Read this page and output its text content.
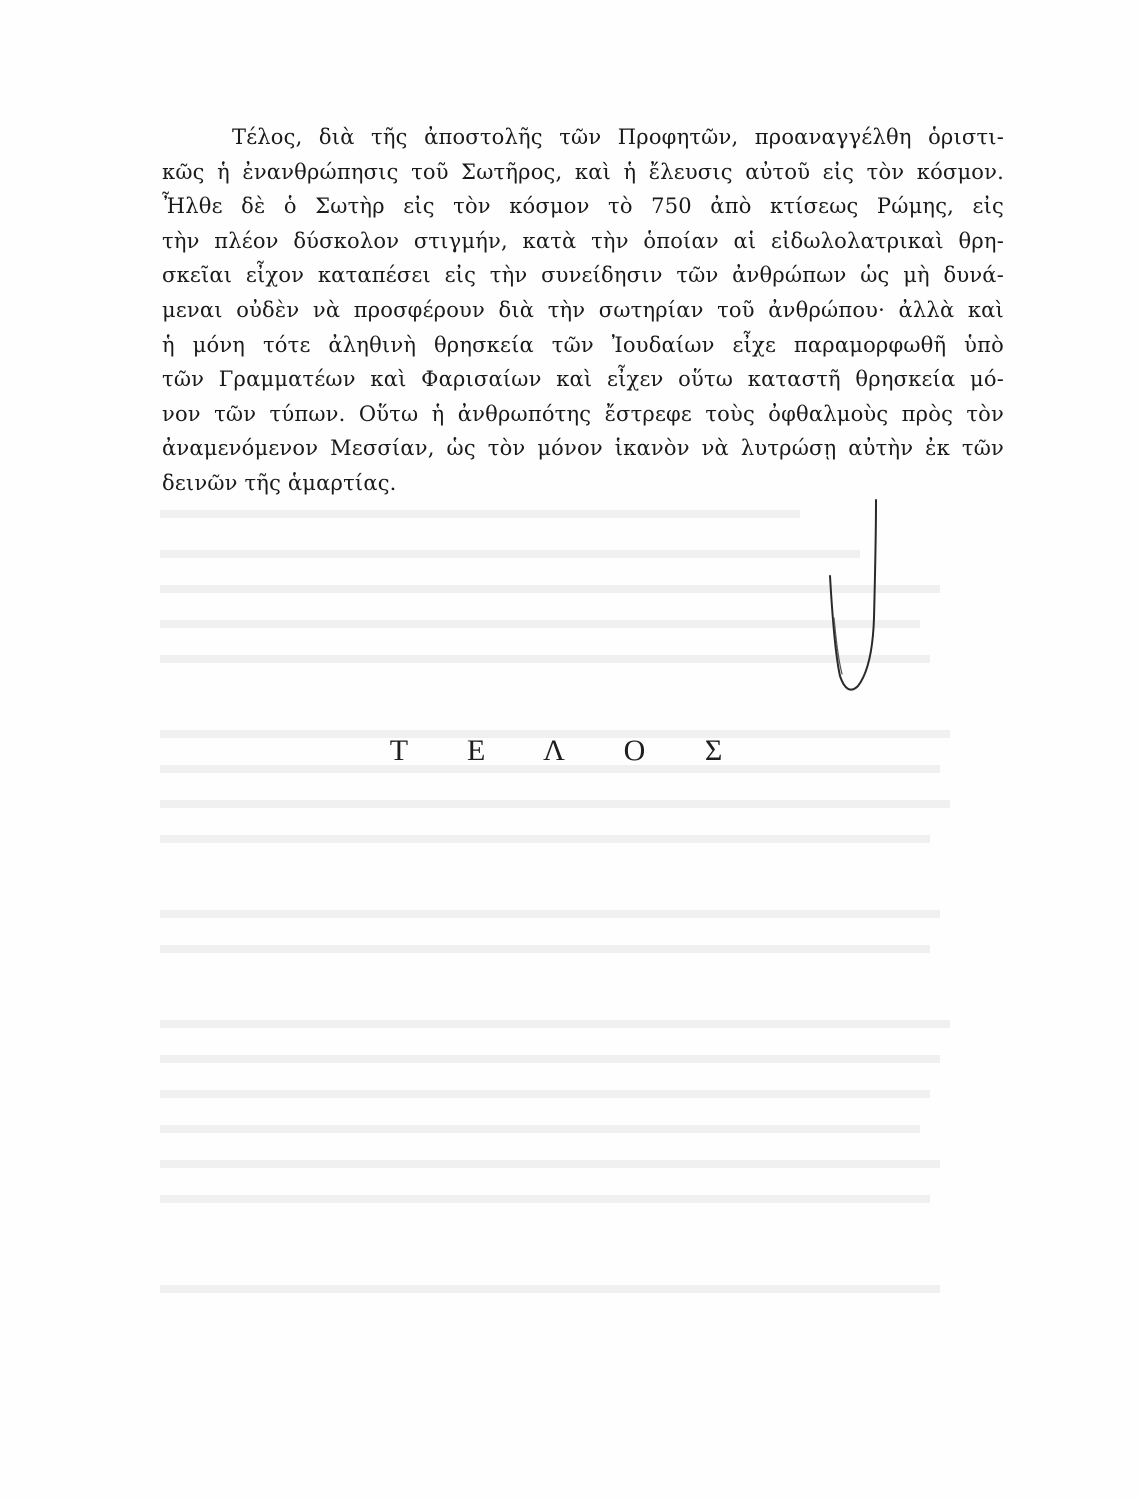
Τέλος, διὰ τῆς ἀποστολῆς τῶν Προφητῶν, προαναγγέλθη ὁριστι-
κῶς ἡ ἐνανθρώπησις τοῦ Σωτῆρος, καὶ ἡ ἔλευσις αὐτοῦ εἰς τὸν κόσμον.
Ἦλθε δὲ ὁ Σωτὴρ εἰς τὸν κόσμον τὸ 750 ἀπὸ κτίσεως Ρώμης, εἰς
τὴν πλέον δύσκολον στιγμήν, κατὰ τὴν ὁποίαν αἱ εἰδωλολατρικαὶ θρη-
σκεῖαι εἶχον καταπέσει εἰς τὴν συνείδησιν τῶν ἀνθρώπων ὡς μὴ δυνά-
μεναι οὐδὲν νὰ προσφέρουν διὰ τὴν σωτηρίαν τοῦ ἀνθρώπου· ἀλλὰ καὶ
ἡ μόνη τότε ἀληθινὴ θρησκεία τῶν Ἰουδαίων εἶχε παραμορφωθῆ ὑπὸ
τῶν Γραμματέων καὶ Φαρισαίων καὶ εἶχεν οὕτω καταστῆ θρησκεία μό-
νον τῶν τύπων. Οὕτω ἡ ἀνθρωπότης ἔστρεφε τοὺς ὀφθαλμοὺς πρὸς τὸν
ἀναμενόμενον Μεσσίαν, ὡς τὸν μόνον ἱκανὸν νὰ λυτρώσῃ αὐτὴν ἐκ τῶν
δεινῶν τῆς ἁμαρτίας.
Τ Ε Λ Ο Σ
